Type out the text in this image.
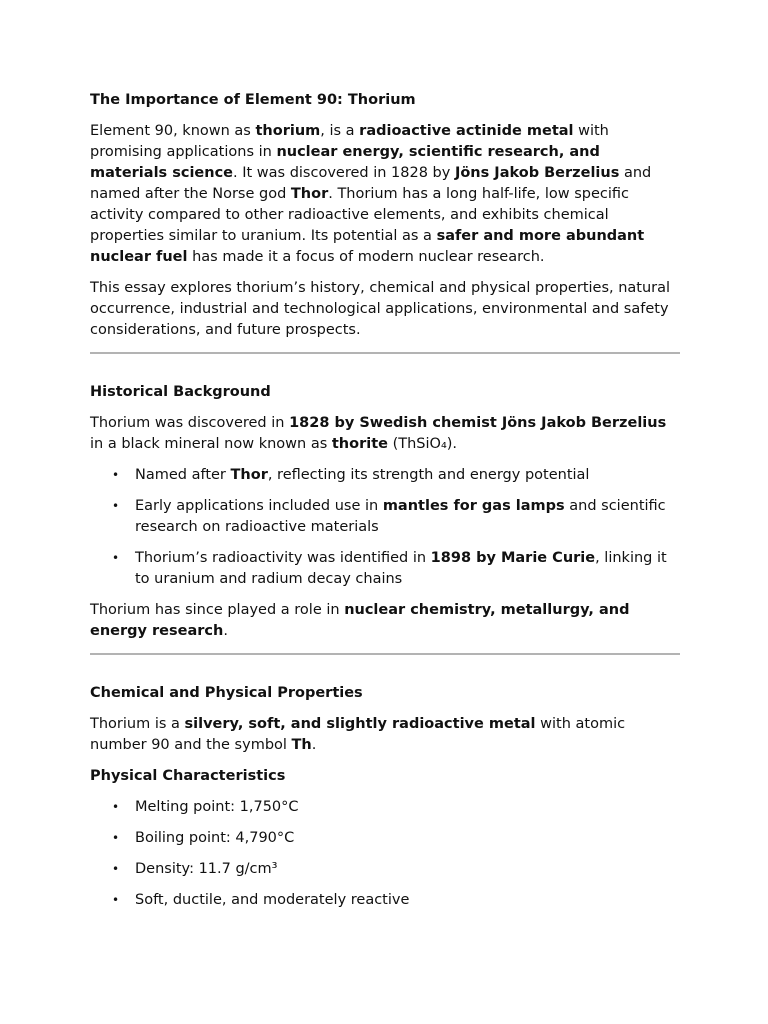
The Importance of Element 90: Thorium

Element 90, known as thorium, is a radioactive actinide metal with promising applications in nuclear energy, scientific research, and materials science. It was discovered in 1828 by Jöns Jakob Berzelius and named after the Norse god Thor. Thorium has a long half-life, low specific activity compared to other radioactive elements, and exhibits chemical properties similar to uranium. Its potential as a safer and more abundant nuclear fuel has made it a focus of modern nuclear research.

This essay explores thorium’s history, chemical and physical properties, natural occurrence, industrial and technological applications, environmental and safety considerations, and future prospects.

Historical Background

Thorium was discovered in 1828 by Swedish chemist Jöns Jakob Berzelius in a black mineral now known as thorite (ThSiO₄).

• Named after Thor, reflecting its strength and energy potential
• Early applications included use in mantles for gas lamps and scientific research on radioactive materials
• Thorium’s radioactivity was identified in 1898 by Marie Curie, linking it to uranium and radium decay chains

Thorium has since played a role in nuclear chemistry, metallurgy, and energy research.

Chemical and Physical Properties

Thorium is a silvery, soft, and slightly radioactive metal with atomic number 90 and the symbol Th.

Physical Characteristics
• Melting point: 1,750°C
• Boiling point: 4,790°C
• Density: 11.7 g/cm³
• Soft, ductile, and moderately reactive
